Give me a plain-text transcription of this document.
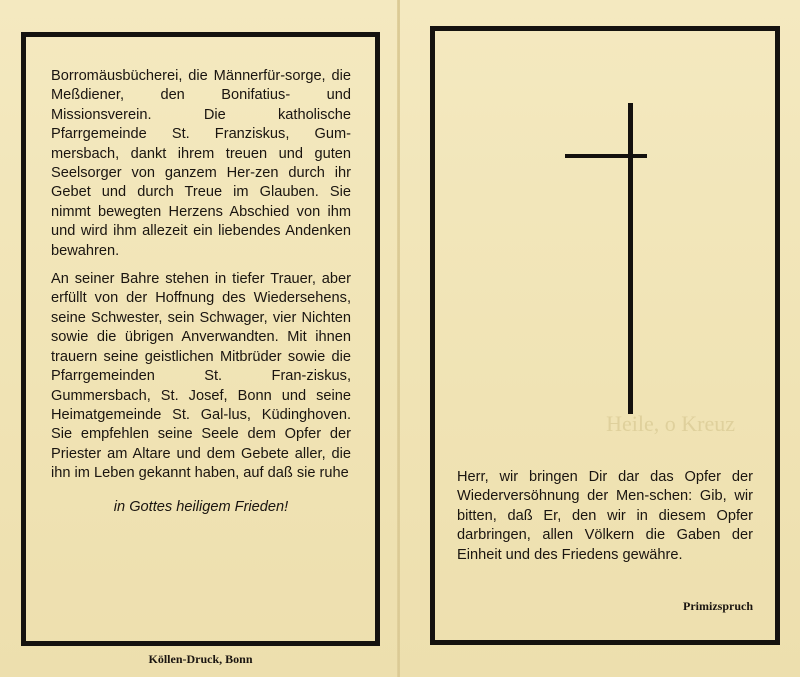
Borromäusbücherei, die Männerfür-sorge, die Meßdiener, den Bonifatius- und Missionsverein. Die katholische Pfarrgemeinde St. Franziskus, Gum-mersbach, dankt ihrem treuen und guten Seelsorger von ganzem Her-zen durch ihr Gebet und durch Treue im Glauben. Sie nimmt bewegten Herzens Abschied von ihm und wird ihm allezeit ein liebendes Andenken bewahren.

An seiner Bahre stehen in tiefer Trauer, aber erfüllt von der Hoffnung des Wiedersehens, seine Schwester, sein Schwager, vier Nichten sowie die übrigen Anverwandten. Mit ihnen trauern seine geistlichen Mitbrüder sowie die Pfarrgemeinden St. Fran-ziskus, Gummersbach, St. Josef, Bonn und seine Heimatgemeinde St. Gal-lus, Küdinghoven. Sie empfehlen seine Seele dem Opfer der Priester am Altare und dem Gebete aller, die ihn im Leben gekannt haben, auf daß sie ruhe

in Gottes heiligem Frieden!
Köllen-Druck, Bonn
Heile, o Kreuz
Herr, wir bringen Dir dar das Opfer der Wiederversöhnung der Men-schen: Gib, wir bitten, daß Er, den wir in diesem Opfer darbringen, allen Völkern die Gaben der Einheit und des Friedens gewähre.
Primizspruch
